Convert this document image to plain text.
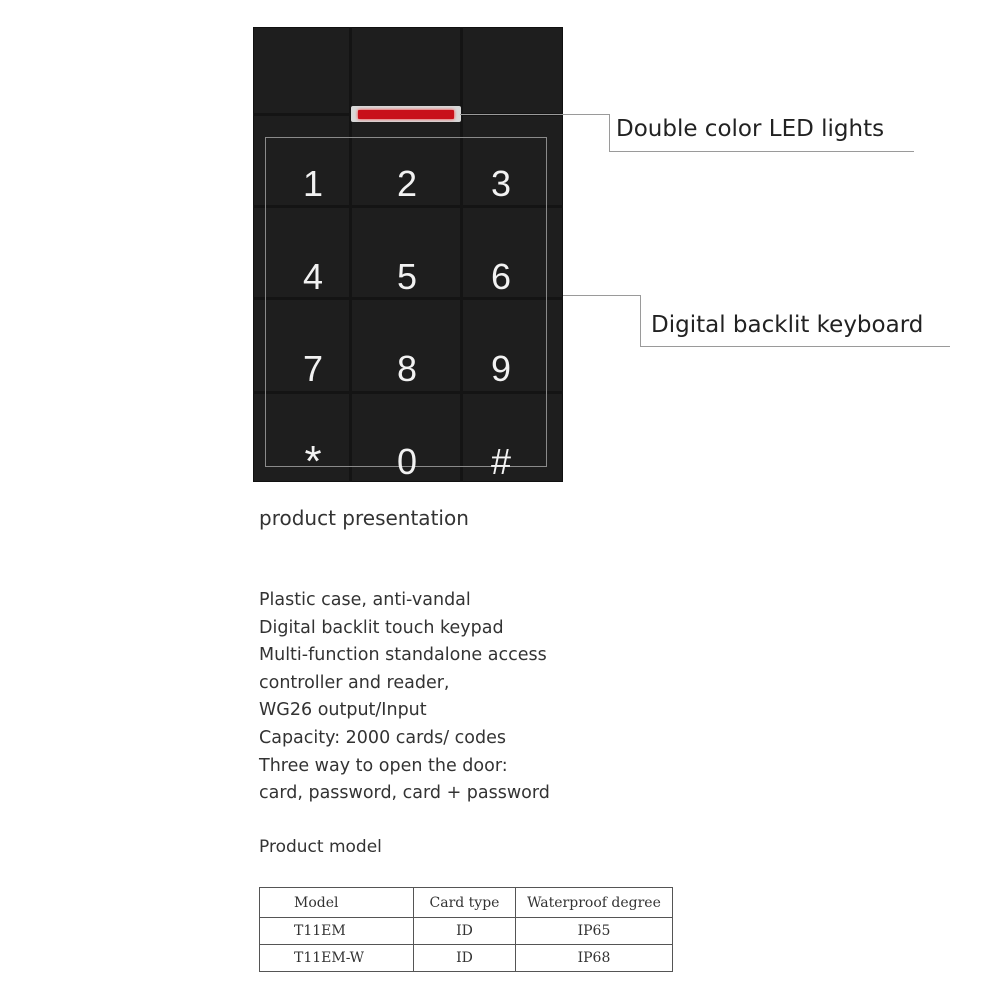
1	2	3
4	5	6
7	8	9
*	0	#
Double color LED lights
Digital backlit keyboard
product presentation
Plastic case, anti-vandal
Digital backlit touch keypad
Multi-function standalone access
controller and reader,
WG26 output/Input
Capacity: 2000 cards/ codes
Three way to open the door:
card, password, card + password
Product model
Model	Card type	Waterproof degree
T11EM	ID	IP65
T11EM-W	ID	IP68
